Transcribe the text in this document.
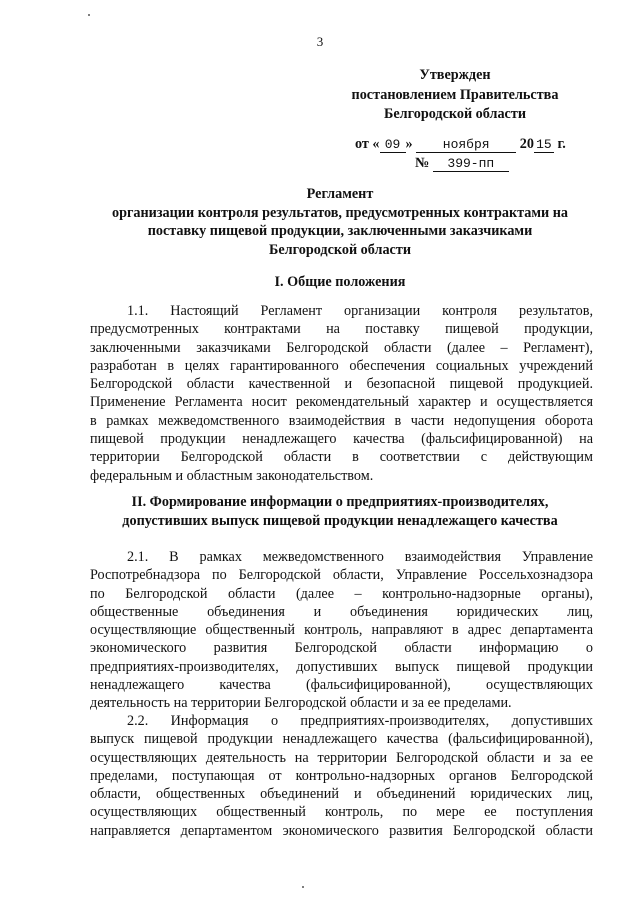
3
Утвержден
постановлением Правительства
Белгородской области
от « 09 » ноября 20 15 г.
№ 399-пп
Регламент
организации контроля результатов, предусмотренных контрактами на
поставку пищевой продукции, заключенными заказчиками
Белгородской области
I. Общие положения
1.1. Настоящий Регламент организации контроля результатов,
предусмотренных контрактами на поставку пищевой продукции,
заключенными заказчиками Белгородской области (далее – Регламент),
разработан в целях гарантированного обеспечения социальных учреждений
Белгородской области качественной и безопасной пищевой продукцией.
Применение Регламента носит рекомендательный характер и осуществляется
в рамках межведомственного взаимодействия в части недопущения оборота
пищевой продукции ненадлежащего качества (фальсифицированной) на
территории Белгородской области в соответствии с действующим
федеральным и областным законодательством.
II. Формирование информации о предприятиях-производителях,
допустивших выпуск пищевой продукции ненадлежащего качества
2.1. В рамках межведомственного взаимодействия Управление
Роспотребнадзора по Белгородской области, Управление Россельхознадзора
по Белгородской области (далее – контрольно-надзорные органы),
общественные объединения и объединения юридических лиц,
осуществляющие общественный контроль, направляют в адрес департамента
экономического развития Белгородской области информацию о
предприятиях-производителях, допустивших выпуск пищевой продукции
ненадлежащего качества (фальсифицированной), осуществляющих
деятельность на территории Белгородской области и за ее пределами.
2.2. Информация о предприятиях-производителях, допустивших
выпуск пищевой продукции ненадлежащего качества (фальсифицированной),
осуществляющих деятельность на территории Белгородской области и за ее
пределами, поступающая от контрольно-надзорных органов Белгородской
области, общественных объединений и объединений юридических лиц,
осуществляющих общественный контроль, по мере ее поступления
направляется департаментом экономического развития Белгородской области
